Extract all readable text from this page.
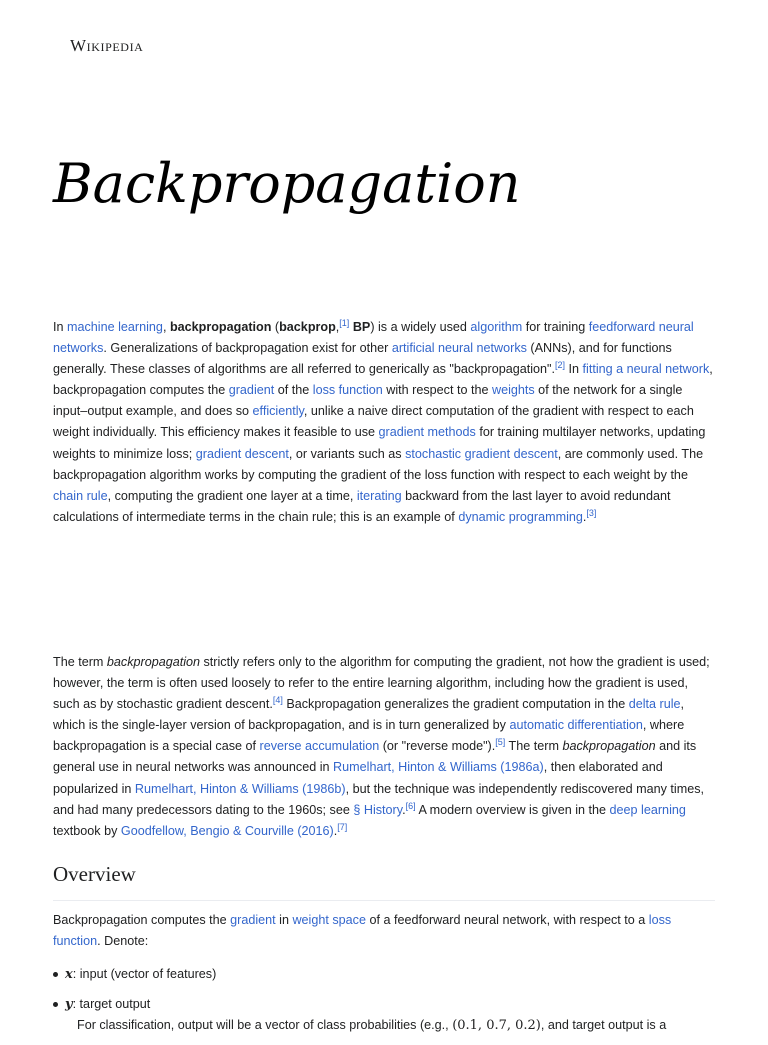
Wikipedia
Backpropagation

In machine learning, backpropagation (backprop,[1] BP) is a widely used algorithm for training feedforward neural networks. Generalizations of backpropagation exist for other artificial neural networks (ANNs), and for functions generally. These classes of algorithms are all referred to generically as "backpropagation".[2] In fitting a neural network, backpropagation computes the gradient of the loss function with respect to the weights of the network for a single input–output example, and does so efficiently, unlike a naive direct computation of the gradient with respect to each weight individually. This efficiency makes it feasible to use gradient methods for training multilayer networks, updating weights to minimize loss; gradient descent, or variants such as stochastic gradient descent, are commonly used. The backpropagation algorithm works by computing the gradient of the loss function with respect to each weight by the chain rule, computing the gradient one layer at a time, iterating backward from the last layer to avoid redundant calculations of intermediate terms in the chain rule; this is an example of dynamic programming.[3]

The term backpropagation strictly refers only to the algorithm for computing the gradient, not how the gradient is used; however, the term is often used loosely to refer to the entire learning algorithm, including how the gradient is used, such as by stochastic gradient descent.[4] Backpropagation generalizes the gradient computation in the delta rule, which is the single-layer version of backpropagation, and is in turn generalized by automatic differentiation, where backpropagation is a special case of reverse accumulation (or "reverse mode").[5] The term backpropagation and its general use in neural networks was announced in Rumelhart, Hinton & Williams (1986a), then elaborated and popularized in Rumelhart, Hinton & Williams (1986b), but the technique was independently rediscovered many times, and had many predecessors dating to the 1960s; see § History.[6] A modern overview is given in the deep learning textbook by Goodfellow, Bengio & Courville (2016).[7]

Overview

Backpropagation computes the gradient in weight space of a feedforward neural network, with respect to a loss function. Denote:

x: input (vector of features)
y: target output
For classification, output will be a vector of class probabilities (e.g., (0.1, 0.7, 0.2), and target output is a
